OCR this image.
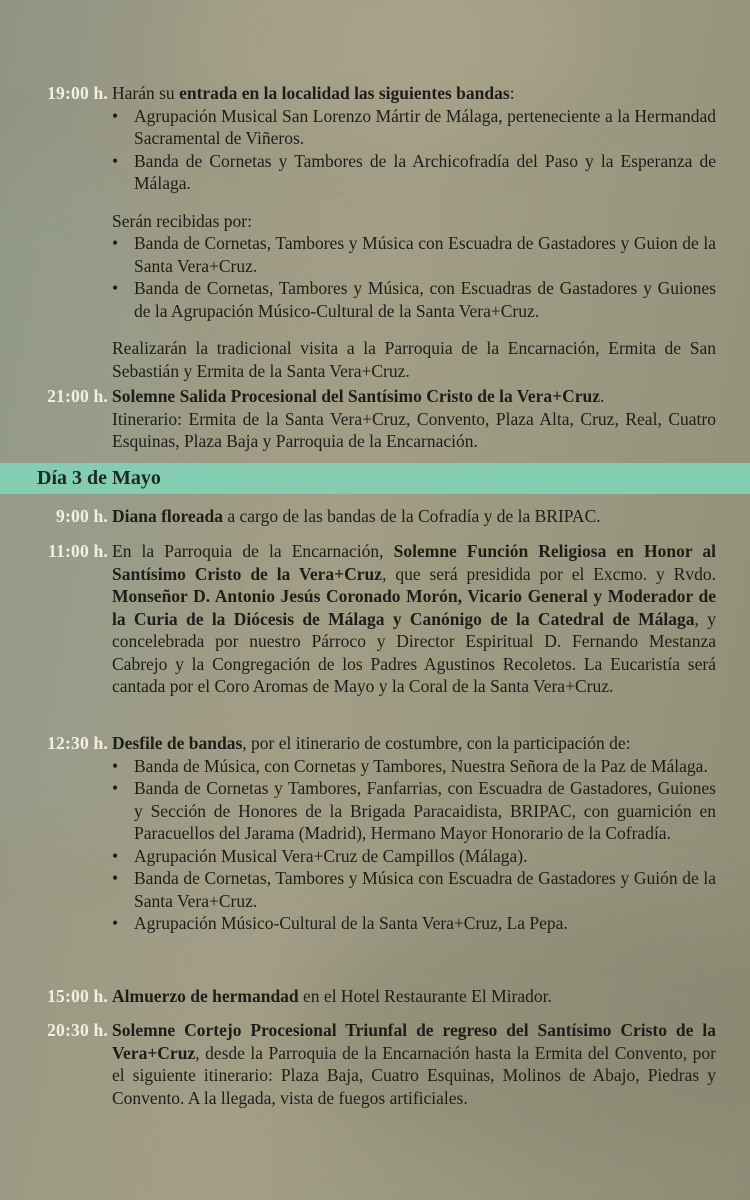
19:00 h. Harán su entrada en la localidad las siguientes bandas:
• Agrupación Musical San Lorenzo Mártir de Málaga, perteneciente a la Hermandad Sacramental de Viñeros.
• Banda de Cornetas y Tambores de la Archicofradía del Paso y la Esperanza de Málaga.
Serán recibidas por:
• Banda de Cornetas, Tambores y Música con Escuadra de Gastadores y Guion de la Santa Vera+Cruz.
• Banda de Cornetas, Tambores y Música, con Escuadras de Gastadores y Guiones de la Agrupación Músico-Cultural de la Santa Vera+Cruz.
Realizarán la tradicional visita a la Parroquia de la Encarnación, Ermita de San Sebastián y Ermita de la Santa Vera+Cruz.
21:00 h. Solemne Salida Procesional del Santísimo Cristo de la Vera+Cruz.
Itinerario: Ermita de la Santa Vera+Cruz, Convento, Plaza Alta, Cruz, Real, Cuatro Esquinas, Plaza Baja y Parroquia de la Encarnación.
Día 3 de Mayo
9:00 h. Diana floreada a cargo de las bandas de la Cofradía y de la BRIPAC.
11:00 h. En la Parroquia de la Encarnación, Solemne Función Religiosa en Honor al Santísimo Cristo de la Vera+Cruz, que será presidida por el Excmo. y Rvdo. Monseñor D. Antonio Jesús Coronado Morón, Vicario General y Moderador de la Curia de la Diócesis de Málaga y Canónigo de la Catedral de Málaga, y concelebrada por nuestro Párroco y Director Espiritual D. Fernando Mestanza Cabrejo y la Congregación de los Padres Agustinos Recoletos. La Eucaristía será cantada por el Coro Aromas de Mayo y la Coral de la Santa Vera+Cruz.
12:30 h. Desfile de bandas, por el itinerario de costumbre, con la participación de:
• Banda de Música, con Cornetas y Tambores, Nuestra Señora de la Paz de Málaga.
• Banda de Cornetas y Tambores, Fanfarrias, con Escuadra de Gastadores, Guiones y Sección de Honores de la Brigada Paracaidista, BRIPAC, con guarnición en Paracuellos del Jarama (Madrid), Hermano Mayor Honorario de la Cofradía.
• Agrupación Musical Vera+Cruz de Campillos (Málaga).
• Banda de Cornetas, Tambores y Música con Escuadra de Gastadores y Guión de la Santa Vera+Cruz.
• Agrupación Músico-Cultural de la Santa Vera+Cruz, La Pepa.
15:00 h. Almuerzo de hermandad en el Hotel Restaurante El Mirador.
20:30 h. Solemne Cortejo Procesional Triunfal de regreso del Santísimo Cristo de la Vera+Cruz, desde la Parroquia de la Encarnación hasta la Ermita del Convento, por el siguiente itinerario: Plaza Baja, Cuatro Esquinas, Molinos de Abajo, Piedras y Convento. A la llegada, vista de fuegos artificiales.
